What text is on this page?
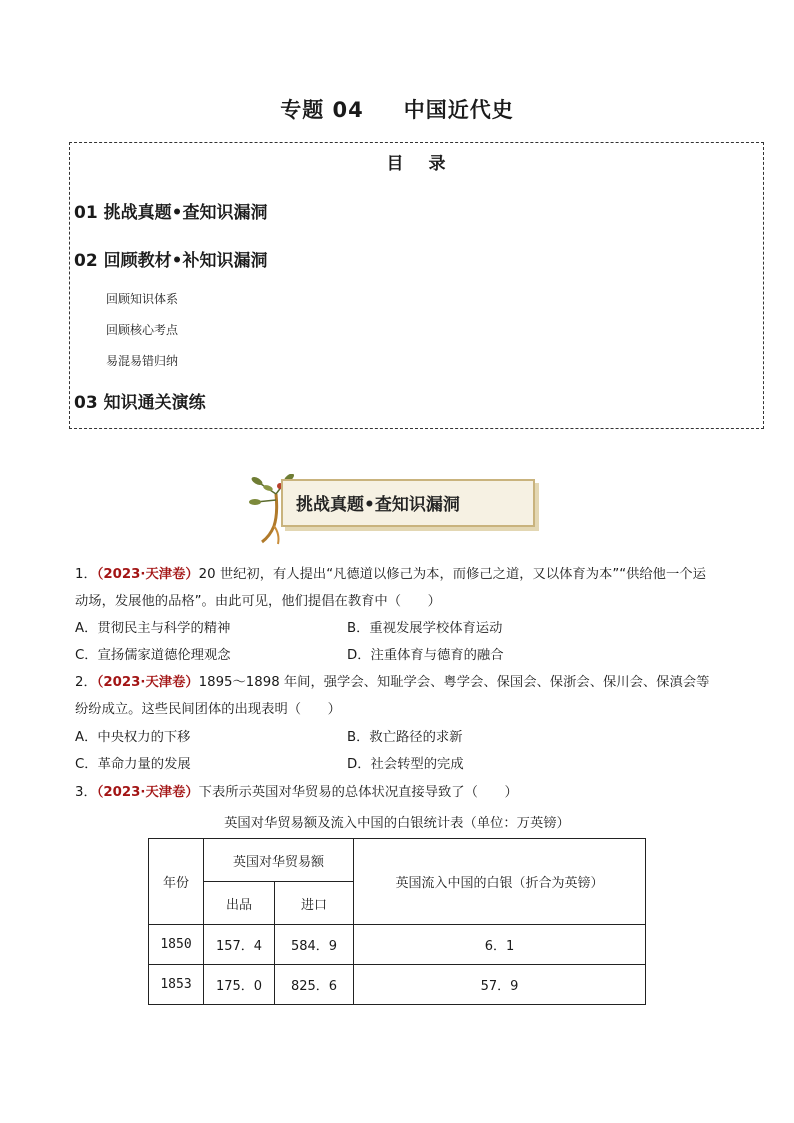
专题 04 中国近代史
目 录
01 挑战真题•查知识漏洞
02 回顾教材•补知识漏洞
回顾知识体系
回顾核心考点
易混易错归纳
03 知识通关演练
挑战真题•查知识漏洞
1．（2023·天津卷）20 世纪初，有人提出“凡德道以修己为本，而修己之道，又以体育为本”“供给他一个运
动场，发展他的品格”。由此可见，他们提倡在教育中（　　）
A．贯彻民主与科学的精神	B．重视发展学校体育运动
C．宣扬儒家道德伦理观念	D．注重体育与德育的融合
2．（2023·天津卷）1895～1898 年间，强学会、知耻学会、粤学会、保国会、保浙会、保川会、保滇会等
纷纷成立。这些民间团体的出现表明（　　）
A．中央权力的下移	B．救亡路径的求新
C．革命力量的发展	D．社会转型的完成
3．（2023·天津卷）下表所示英国对华贸易的总体状况直接导致了（　　）
英国对华贸易额及流入中国的白银统计表（单位：万英镑）
年份	英国对华贸易额		英国流入中国的白银（折合为英镑）
	出品	进口	
1850	157．4	584．9	6．1
1853	175．0	825．6	57．9
